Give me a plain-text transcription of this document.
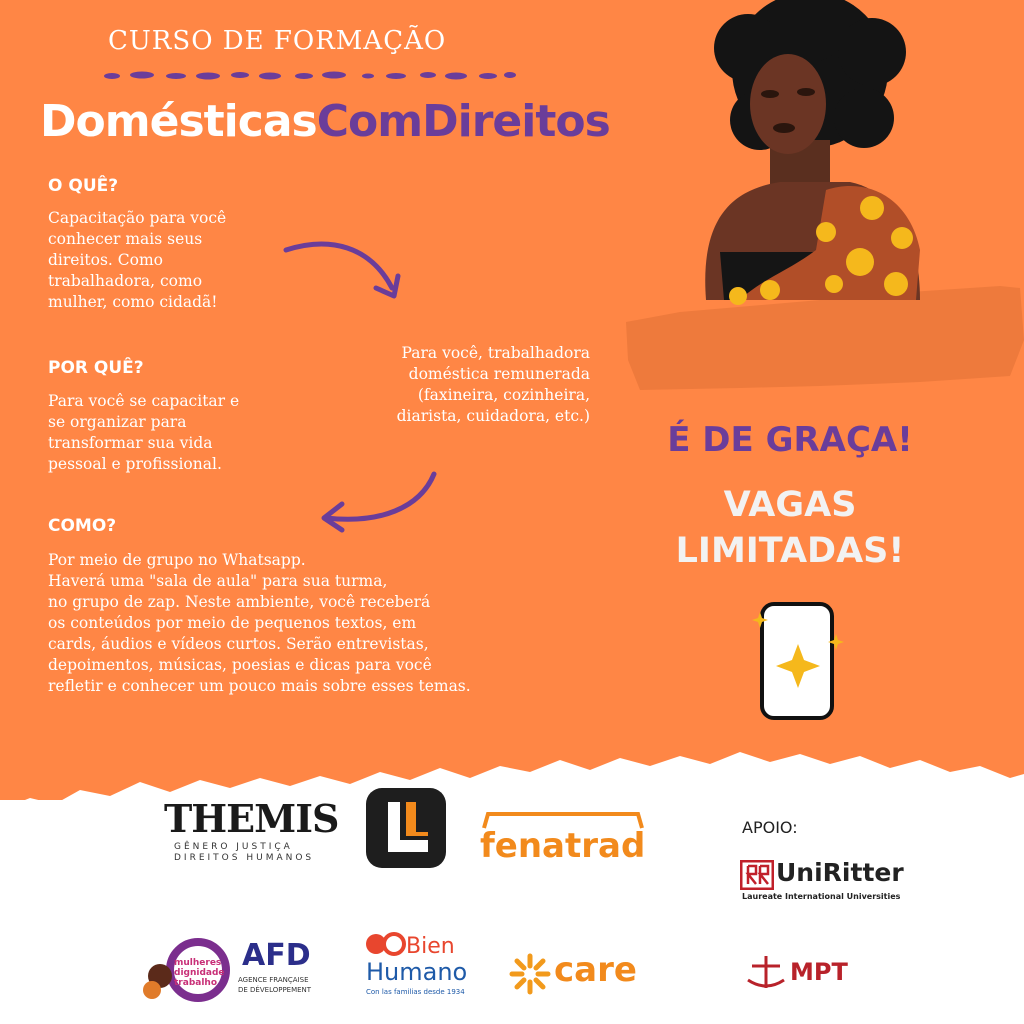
CURSO DE FORMAÇÃO
DomésticasComDireitos
O QUÊ?
Capacitação para você
conhecer mais seus
direitos. Como
trabalhadora, como
mulher, como cidadã!
POR QUÊ?
Para você se capacitar e
se organizar para
transformar sua vida
pessoal e profissional.
COMO?
Por meio de grupo no Whatsapp.
Haverá uma "sala de aula" para sua turma,
no grupo de zap. Neste ambiente, você receberá
os conteúdos por meio de pequenos textos, em
cards, áudios e vídeos curtos. Serão entrevistas,
depoimentos, músicas, poesias e dicas para você
refletir e conhecer um pouco mais sobre esses temas.
Para você, trabalhadora
doméstica remunerada
(faxineira, cozinheira,
diarista, cuidadora, etc.)
É DE GRAÇA!
VAGAS
LIMITADAS!
THEMIS
GÊNERO JUSTIÇA
DIREITOS HUMANOS	fenatrad	APOIO:
UniRitter
Laureate International Universities
mulheres dignidade trabalho
AFD
AGENCE FRANÇAISE
DE DÉVELOPPEMENT
Bien
Humano
Con las familias desde 1934
care	MPT
